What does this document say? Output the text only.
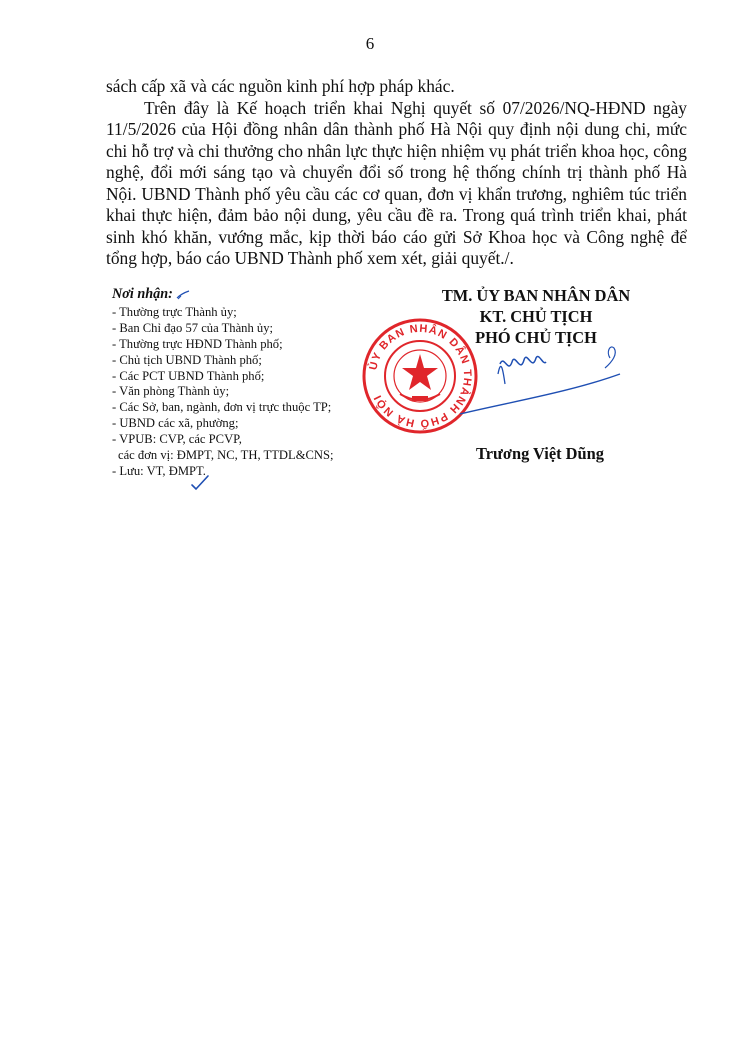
6

sách cấp xã và các nguồn kinh phí hợp pháp khác.

Trên đây là Kế hoạch triển khai Nghị quyết số 07/2026/NQ-HĐND ngày 11/5/2026 của Hội đồng nhân dân thành phố Hà Nội quy định nội dung chi, mức chi hỗ trợ và chi thưởng cho nhân lực thực hiện nhiệm vụ phát triển khoa học, công nghệ, đổi mới sáng tạo và chuyển đổi số trong hệ thống chính trị thành phố Hà Nội. UBND Thành phố yêu cầu các cơ quan, đơn vị khẩn trương, nghiêm túc triển khai thực hiện, đảm bảo nội dung, yêu cầu đề ra. Trong quá trình triển khai, phát sinh khó khăn, vướng mắc, kịp thời báo cáo gửi Sở Khoa học và Công nghệ để tổng hợp, báo cáo UBND Thành phố xem xét, giải quyết./.

Nơi nhận:
- Thường trực Thành ủy;
- Ban Chỉ đạo 57 của Thành ủy;
- Thường trực HĐND Thành phố;
- Chủ tịch UBND Thành phố;
- Các PCT UBND Thành phố;
- Văn phòng Thành ủy;
- Các Sở, ban, ngành, đơn vị trực thuộc TP;
- UBND các xã, phường;
- VPUB: CVP, các PCVP,
các đơn vị: ĐMPT, NC, TH, TTDL&CNS;
- Lưu: VT, ĐMPT.
TM. ỦY BAN NHÂN DÂN
KT. CHỦ TỊCH
PHÓ CHỦ TỊCH
ỦY BAN NHÂN DÂN THÀNH PHỐ HÀ NỘI
Trương Việt Dũng
